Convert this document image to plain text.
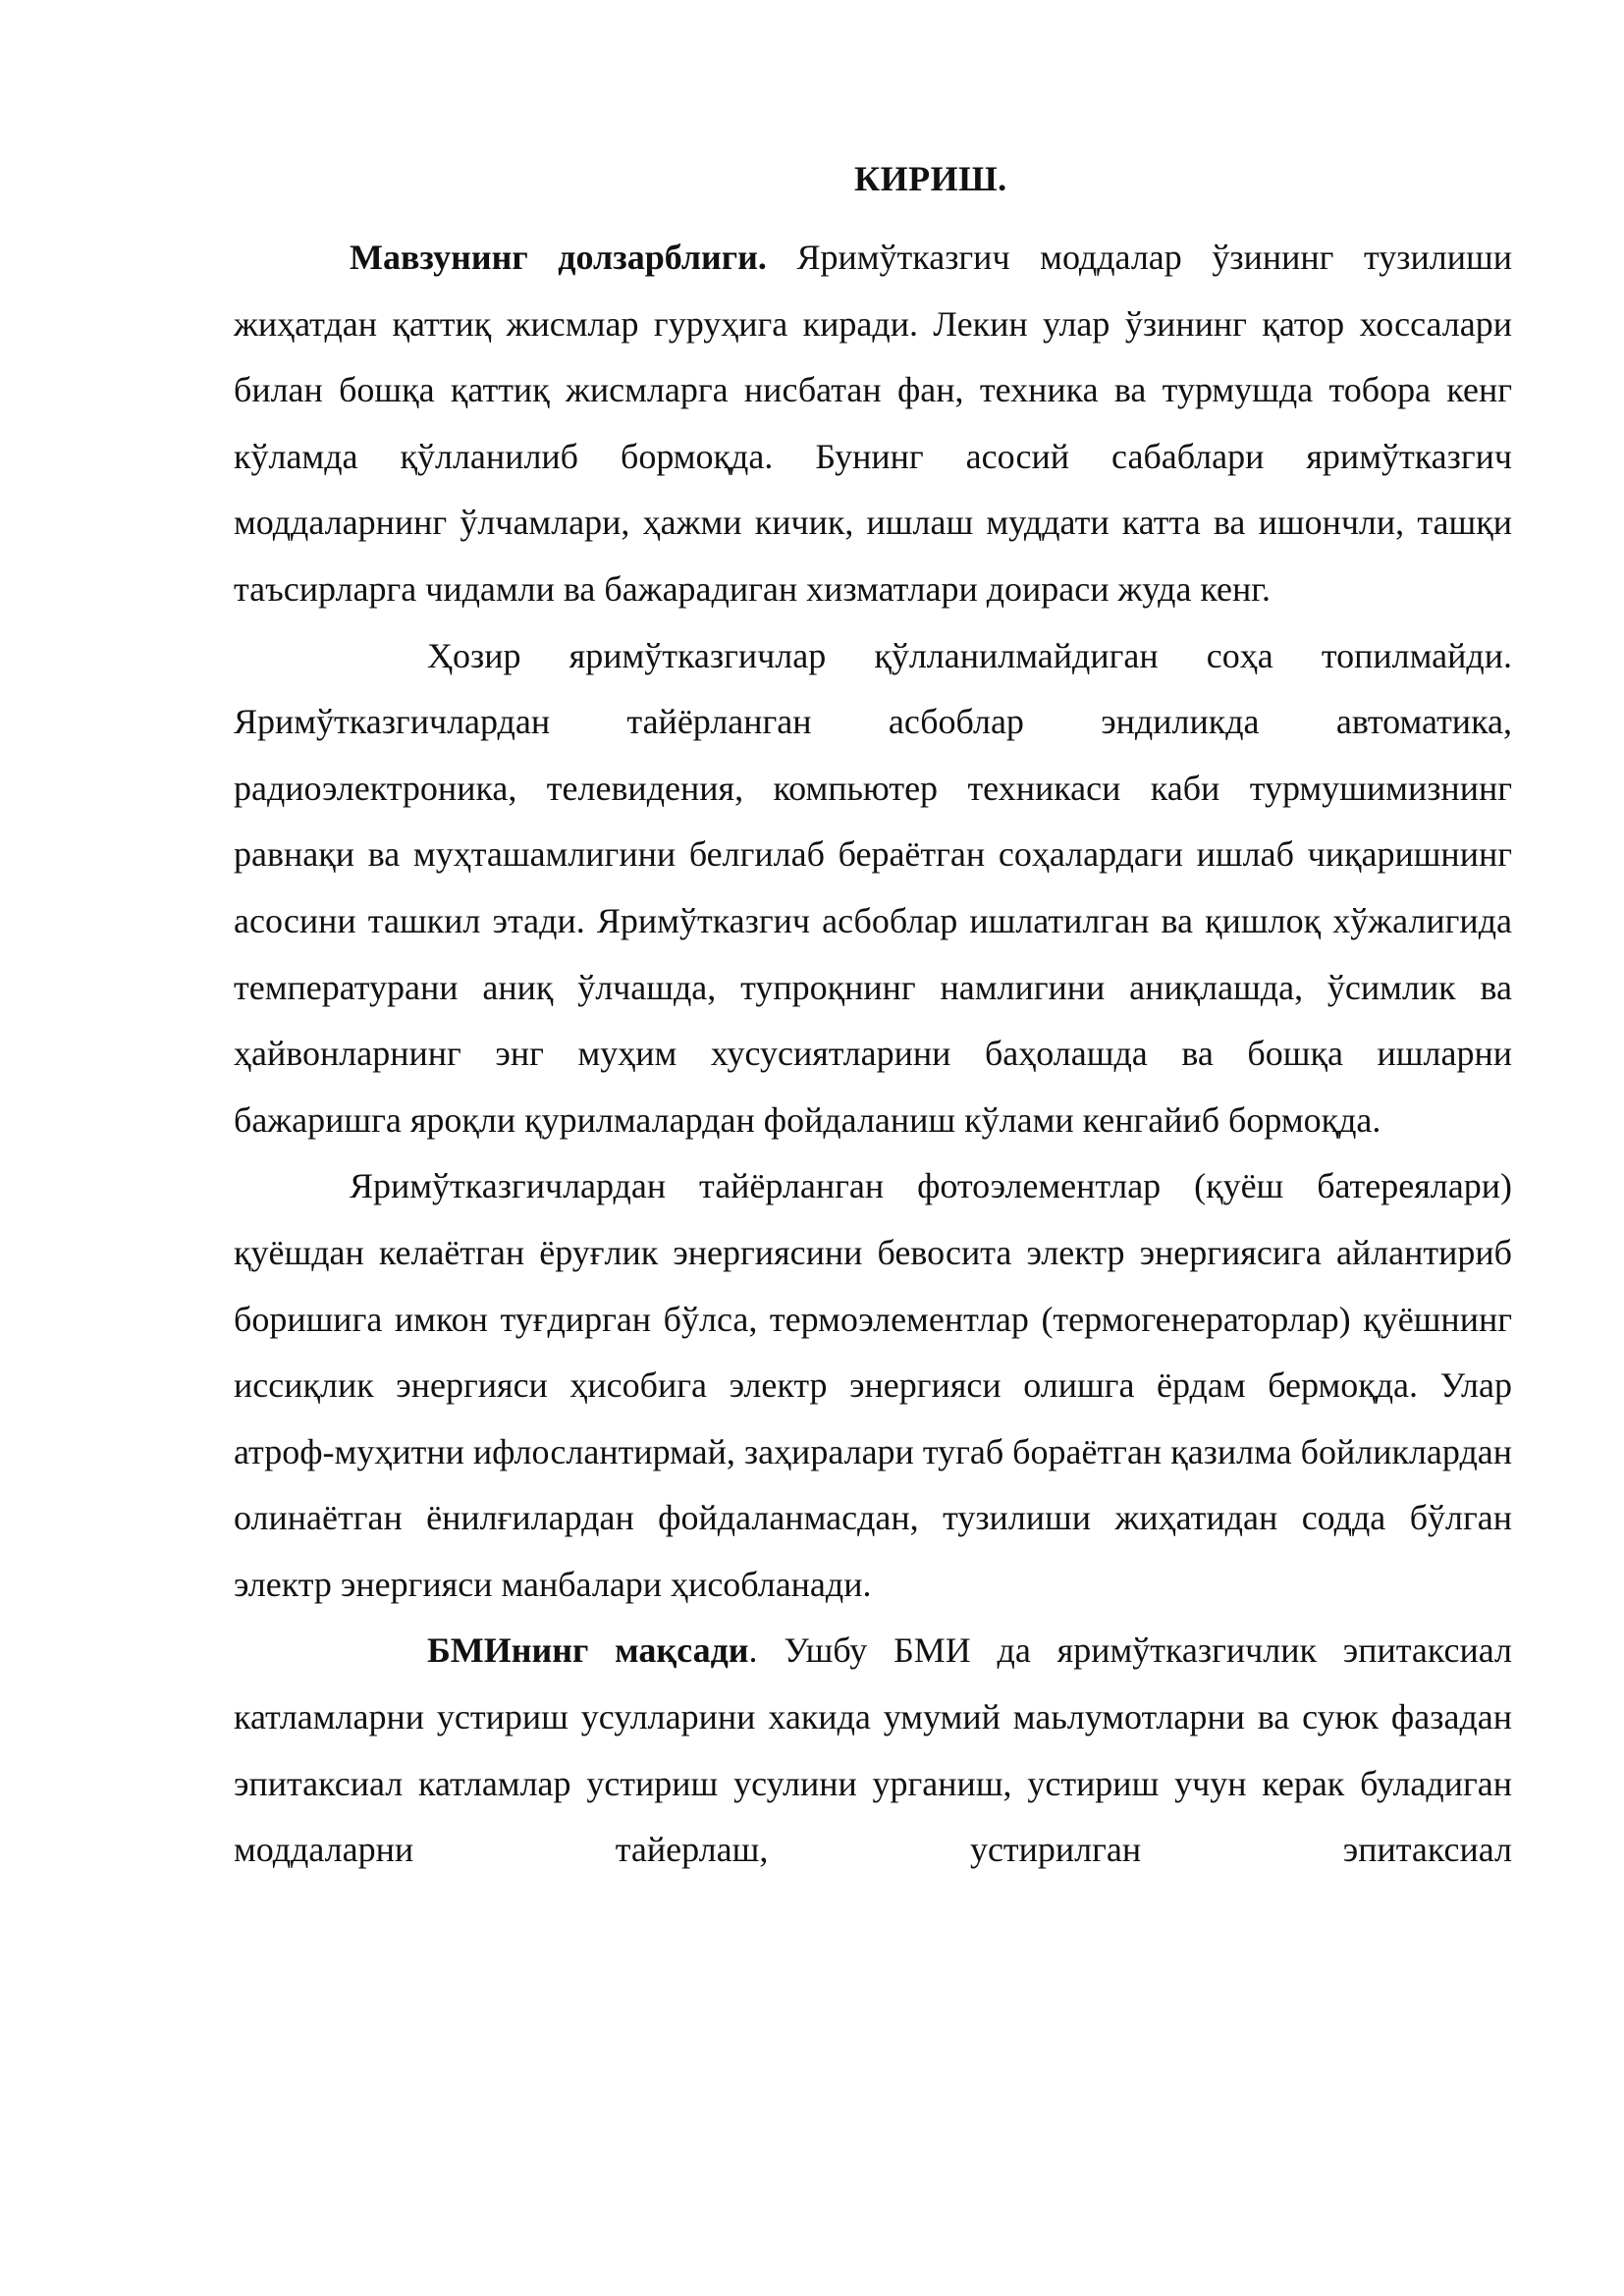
КИРИШ.

Мавзунинг долзарблиги. Яримўтказгич моддалар ўзининг тузилиши жиҳатдан қаттиқ жисмлар гуруҳига киради. Лекин улар ўзининг қатор хоссалари билан бошқа қаттиқ жисмларга нисбатан фан, техника ва турмушда тобора кенг кўламда қўлланилиб бормоқда. Бунинг асосий сабаблари яримўтказгич моддаларнинг ўлчамлари, ҳажми кичик, ишлаш муддати катта ва ишончли, ташқи таъсирларга чидамли ва бажарадиган хизматлари доираси жуда кенг.

Ҳозир яримўтказгичлар қўлланилмайдиган соҳа топилмайди. Яримўтказгичлардан тайёрланган асбоблар эндиликда автоматика, радиоэлектроника, телевидения, компьютер техникаси каби турмушимизнинг равнақи ва муҳташамлигини белгилаб бераётган соҳалардаги ишлаб чиқаришнинг асосини ташкил этади. Яримўтказгич асбоблар ишлатилган ва қишлоқ хўжалигида температурани аниқ ўлчашда, тупроқнинг намлигини аниқлашда, ўсимлик ва ҳайвонларнинг энг муҳим хусусиятларини баҳолашда ва бошқа ишларни бажаришга яроқли қурилмалардан фойдаланиш кўлами кенгайиб бормоқда.

Яримўтказгичлардан тайёрланган фотоэлементлар (қуёш батереялари) қуёшдан келаётган ёруғлик энергиясини бевосита электр энергиясига айлантириб боришига имкон туғдирган бўлса, термоэлементлар (термогенераторлар) қуёшнинг иссиқлик энергияси ҳисобига электр энергияси олишга ёрдам бермоқда. Улар атроф-муҳитни ифлослантирмай, заҳиралари тугаб бораётган қазилма бойликлардан олинаётган ёнилғилардан фойдаланмасдан, тузилиши жиҳатидан содда бўлган электр энергияси манбалари ҳисобланади.

БМИнинг мақсади. Ушбу БМИ да яримўтказгичлик эпитаксиал катламларни устириш усулларини хакида умумий маьлумотларни ва суюк фазадан эпитаксиал катламлар устириш усулини урганиш, устириш учун керак буладиган моддаларни тайерлаш, устирилган эпитаксиал
